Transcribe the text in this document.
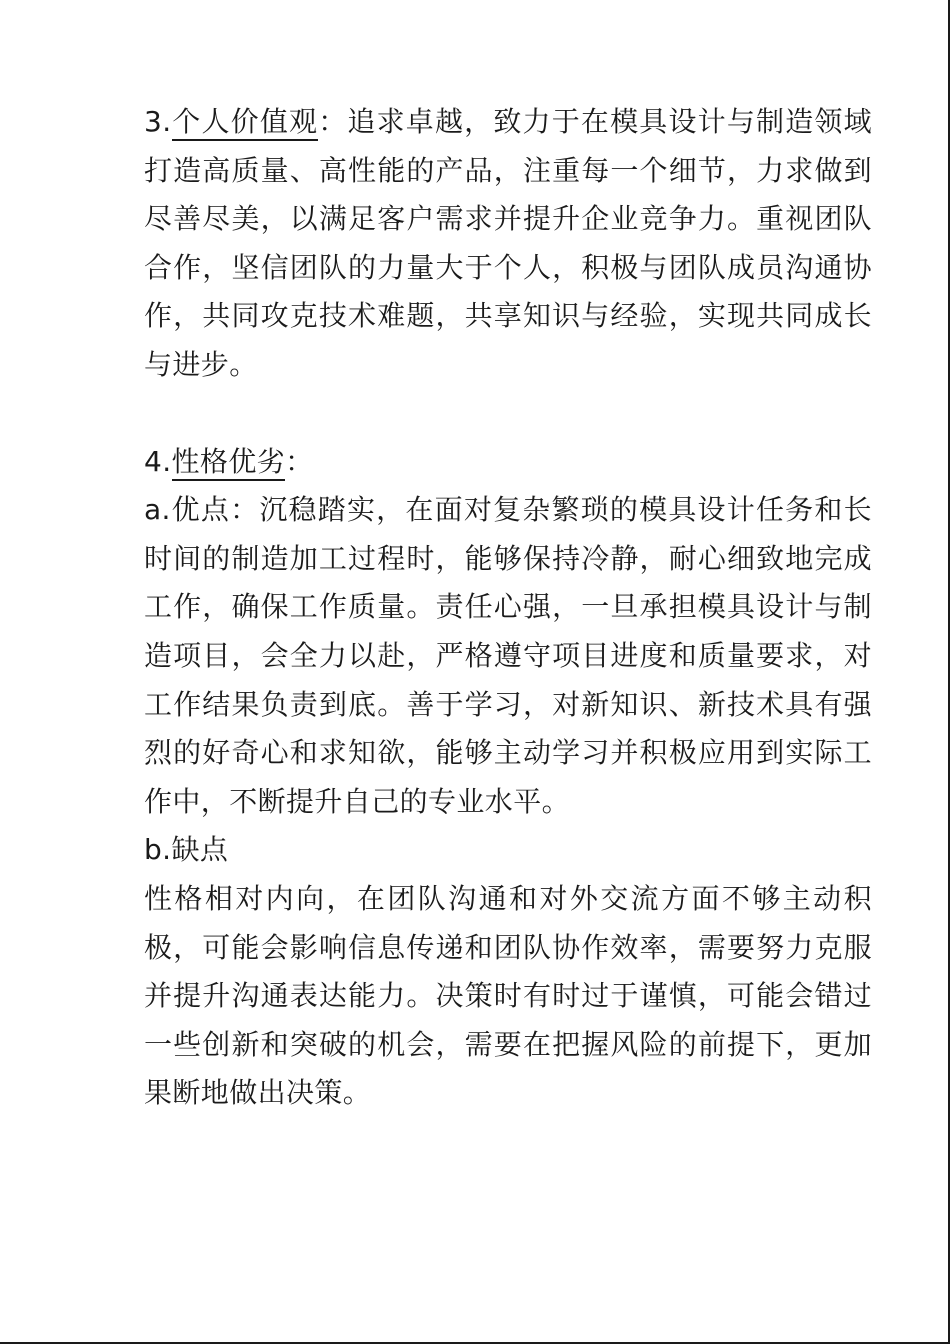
3.个人价值观：追求卓越，致力于在模具设计与制造领域打造高质量、高性能的产品，注重每一个细节，力求做到尽善尽美，以满足客户需求并提升企业竞争力。重视团队合作，坚信团队的力量大于个人，积极与团队成员沟通协作，共同攻克技术难题，共享知识与经验，实现共同成长与进步。

4.性格优劣：

a.优点：沉稳踏实，在面对复杂繁琐的模具设计任务和长时间的制造加工过程时，能够保持冷静，耐心细致地完成工作，确保工作质量。责任心强，一旦承担模具设计与制造项目，会全力以赴，严格遵守项目进度和质量要求，对工作结果负责到底。善于学习，对新知识、新技术具有强烈的好奇心和求知欲，能够主动学习并积极应用到实际工作中，不断提升自己的专业水平。

b.缺点

性格相对内向，在团队沟通和对外交流方面不够主动积极，可能会影响信息传递和团队协作效率，需要努力克服并提升沟通表达能力。决策时有时过于谨慎，可能会错过一些创新和突破的机会，需要在把握风险的前提下，更加果断地做出决策。
